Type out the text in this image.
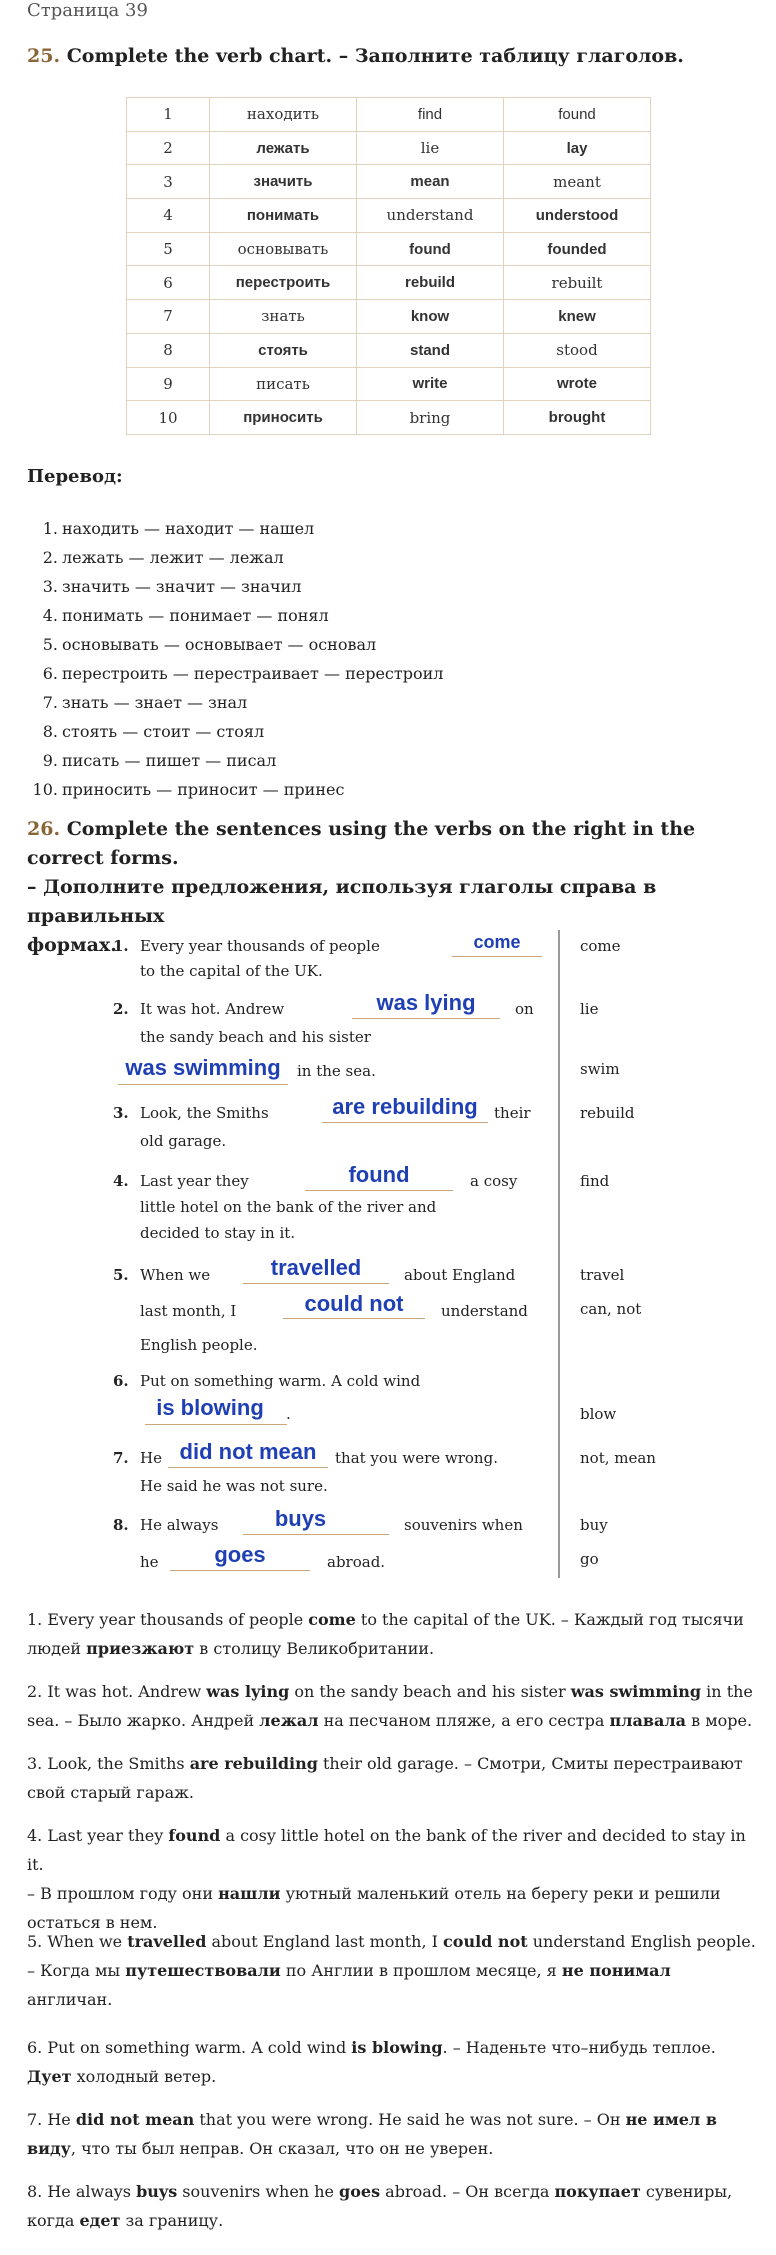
Страница 39
25. Complete the verb chart. – Заполните таблицу глаголов.
1	находить	find	found
2	лежать	lie	lay
3	значить	mean	meant
4	понимать	understand	understood
5	основывать	found	founded
6	перестроить	rebuild	rebuilt
7	знать	know	knew
8	стоять	stand	stood
9	писать	write	wrote
10	приносить	bring	brought
Перевод:
1. находить — находит — нашел
2. лежать — лежит — лежал
3. значить — значит — значил
4. понимать — понимает — понял
5. основывать — основывает — основал
6. перестроить — перестраивает — перестроил
7. знать — знает — знал
8. стоять — стоит — стоял
9. писать — пишет — писал
10. приносить — приносит — принес
26. Complete the sentences using the verbs on the right in the correct forms.
– Дополните предложения, используя глаголы справа в правильных
формах.
1. Every year thousands of people	come
to the capital of the UK.
come
2. It was hot. Andrew	was lying	on
the sandy beach and his sister
was swimming	in the sea.
lie
swim
3. Look, the Smiths	are rebuilding	their
old garage.
rebuild
4. Last year they	found	a cosy
little hotel on the bank of the river and
decided to stay in it.
find
5. When we	travelled	about England
last month, I	could not	understand
English people.
travel
can, not
6. Put on something warm. A cold wind
is blowing	.	blow
7. He did not mean	that you were wrong.
He said he was not sure.
not, mean
8. He always	buys	souvenirs when
he	goes	abroad.
buy
go
1. Every year thousands of people come to the capital of the UK. – Каждый год тысячи
людей приезжают в столицу Великобритании.
2. It was hot. Andrew was lying on the sandy beach and his sister was swimming in the
sea. – Было жарко. Андрей лежал на песчаном пляже, а его сестра плавала в море.
3. Look, the Smiths are rebuilding their old garage. – Смотри, Смиты перестраивают
свой старый гараж.
4. Last year they found a cosy little hotel on the bank of the river and decided to stay in it.
– В прошлом году они нашли уютный маленький отель на берегу реки и решили
остаться в нем.
5. When we travelled about England last month, I could not understand English people.
– Когда мы путешествовали по Англии в прошлом месяце, я не понимал
англичан.
6. Put on something warm. A cold wind is blowing. – Наденьте что–нибудь теплое.
Дует холодный ветер.
7. He did not mean that you were wrong. He said he was not sure. – Он не имел в
виду, что ты был неправ. Он сказал, что он не уверен.
8. He always buys souvenirs when he goes abroad. – Он всегда покупает сувениры,
когда едет за границу.
